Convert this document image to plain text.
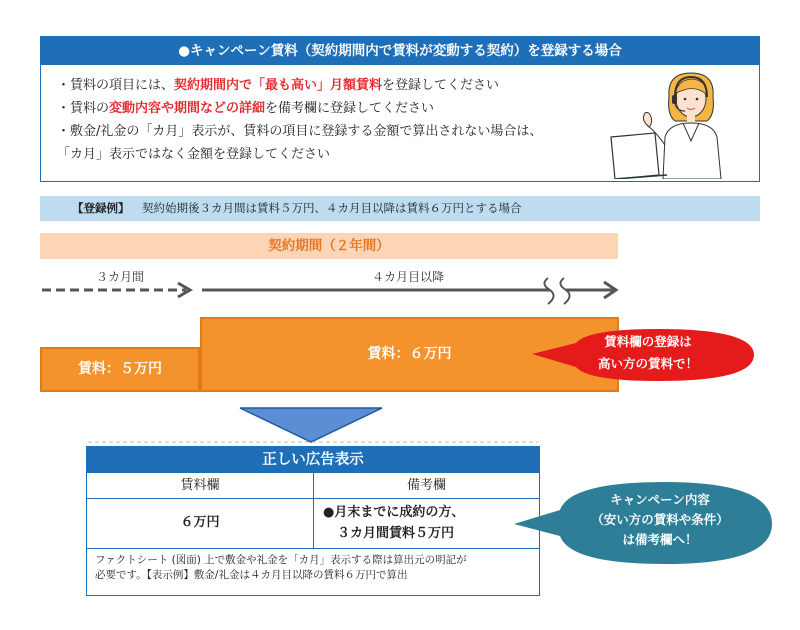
●キャンペーン賃料（契約期間内で賃料が変動する契約）を登録する場合
・賃料の項目には、契約期間内で「最も高い」月額賃料を登録してください
・賃料の変動内容や期間などの詳細を備考欄に登録してください
・敷金/礼金の「カ月」表示が、賃料の項目に登録する金額で算出されない場合は、
「カ月」表示ではなく金額を登録してください
【登録例】 契約始期後３カ月間は賃料５万円、４カ月目以降は賃料６万円とする場合
契約期間（２年間）
３カ月間	４カ月目以降
賃料：６万円
賃料：５万円
賃料欄の登録は
高い方の賃料で！
正しい広告表示
賃料欄	備考欄
６万円
●月末までに成約の方、
３カ月間賃料５万円
ファクトシート (図面) 上で敷金や礼金を「カ月」表示する際は算出元の明記が
必要です。【表示例】敷金/礼金は４カ月目以降の賃料６万円で算出
キャンペーン内容
（安い方の賃料や条件）
は備考欄へ！
